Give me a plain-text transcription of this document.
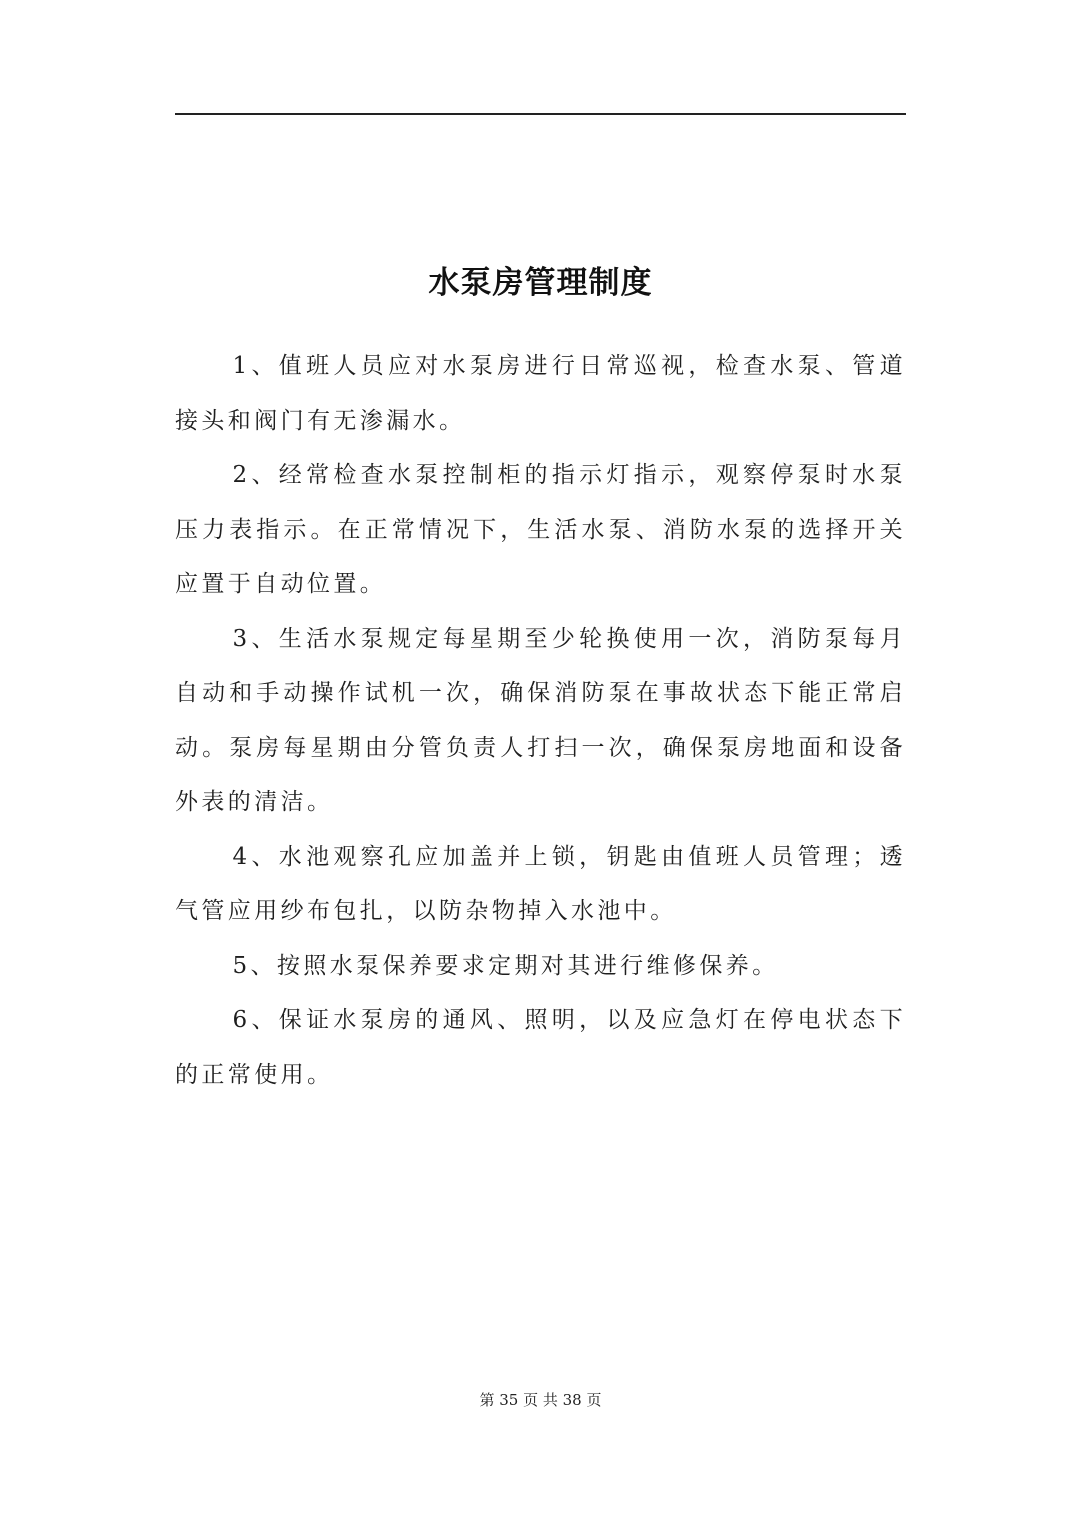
水泵房管理制度

1、值班人员应对水泵房进行日常巡视，检查水泵、管道接头和阀门有无渗漏水。

2、经常检查水泵控制柜的指示灯指示，观察停泵时水泵压力表指示。在正常情况下，生活水泵、消防水泵的选择开关应置于自动位置。

3、生活水泵规定每星期至少轮换使用一次，消防泵每月自动和手动操作试机一次，确保消防泵在事故状态下能正常启动。泵房每星期由分管负责人打扫一次，确保泵房地面和设备外表的清洁。

4、水池观察孔应加盖并上锁，钥匙由值班人员管理；透气管应用纱布包扎，以防杂物掉入水池中。

5、按照水泵保养要求定期对其进行维修保养。

6、保证水泵房的通风、照明，以及应急灯在停电状态下的正常使用。

第 35 页 共 38 页
